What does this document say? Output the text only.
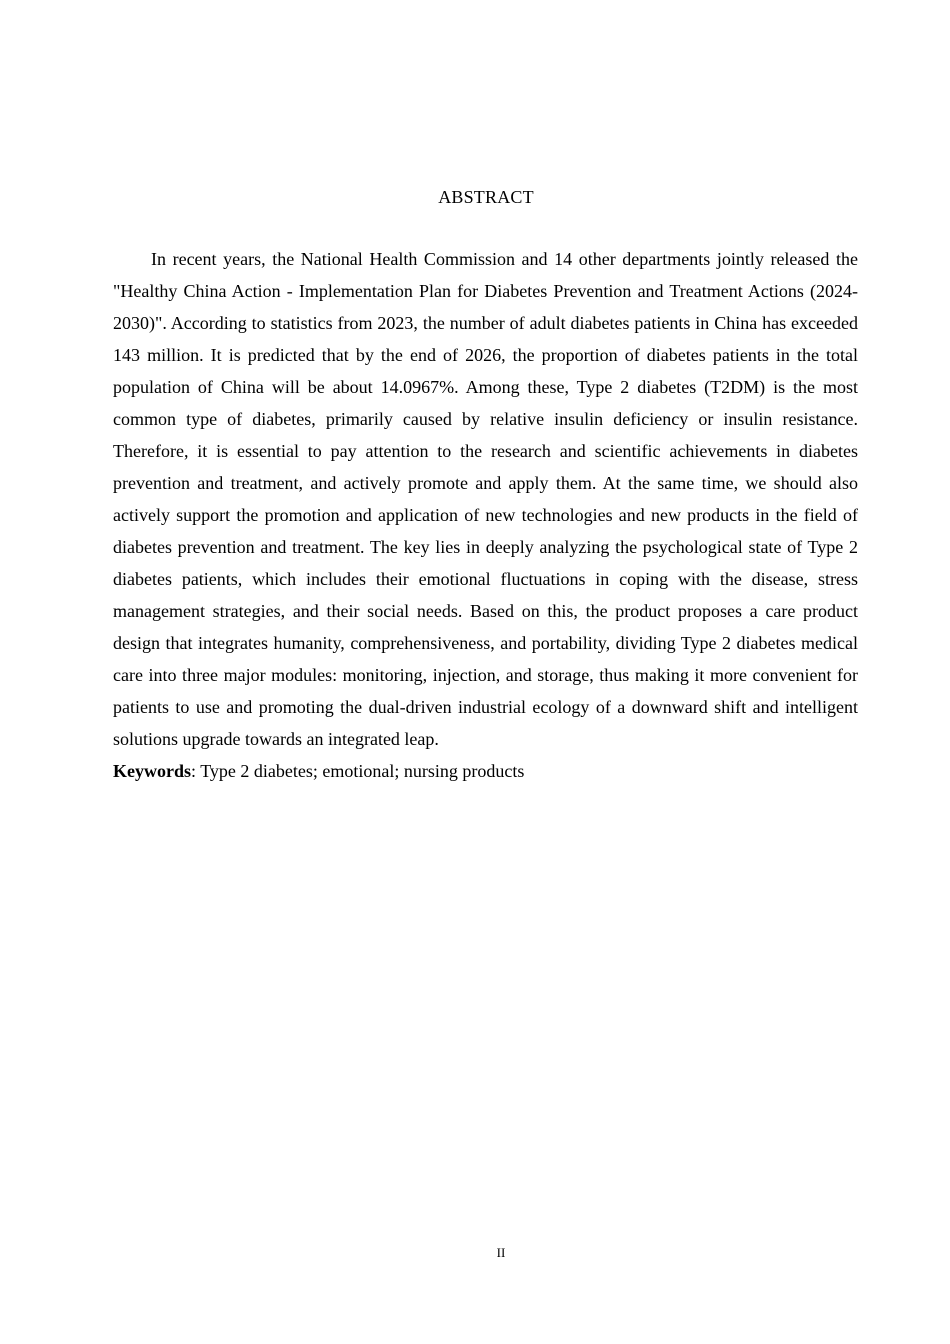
ABSTRACT

In recent years, the National Health Commission and 14 other departments jointly released the "Healthy China Action - Implementation Plan for Diabetes Prevention and Treatment Actions (2024-2030)". According to statistics from 2023, the number of adult diabetes patients in China has exceeded 143 million. It is predicted that by the end of 2026, the proportion of diabetes patients in the total population of China will be about 14.0967%. Among these, Type 2 diabetes (T2DM) is the most common type of diabetes, primarily caused by relative insulin deficiency or insulin resistance. Therefore, it is essential to pay attention to the research and scientific achievements in diabetes prevention and treatment, and actively promote and apply them. At the same time, we should also actively support the promotion and application of new technologies and new products in the field of diabetes prevention and treatment. The key lies in deeply analyzing the psychological state of Type 2 diabetes patients, which includes their emotional fluctuations in coping with the disease, stress management strategies, and their social needs. Based on this, the product proposes a care product design that integrates humanity, comprehensiveness, and portability, dividing Type 2 diabetes medical care into three major modules: monitoring, injection, and storage, thus making it more convenient for patients to use and promoting the dual-driven industrial ecology of a downward shift and intelligent solutions upgrade towards an integrated leap.

Keywords: Type 2 diabetes; emotional; nursing products

II
